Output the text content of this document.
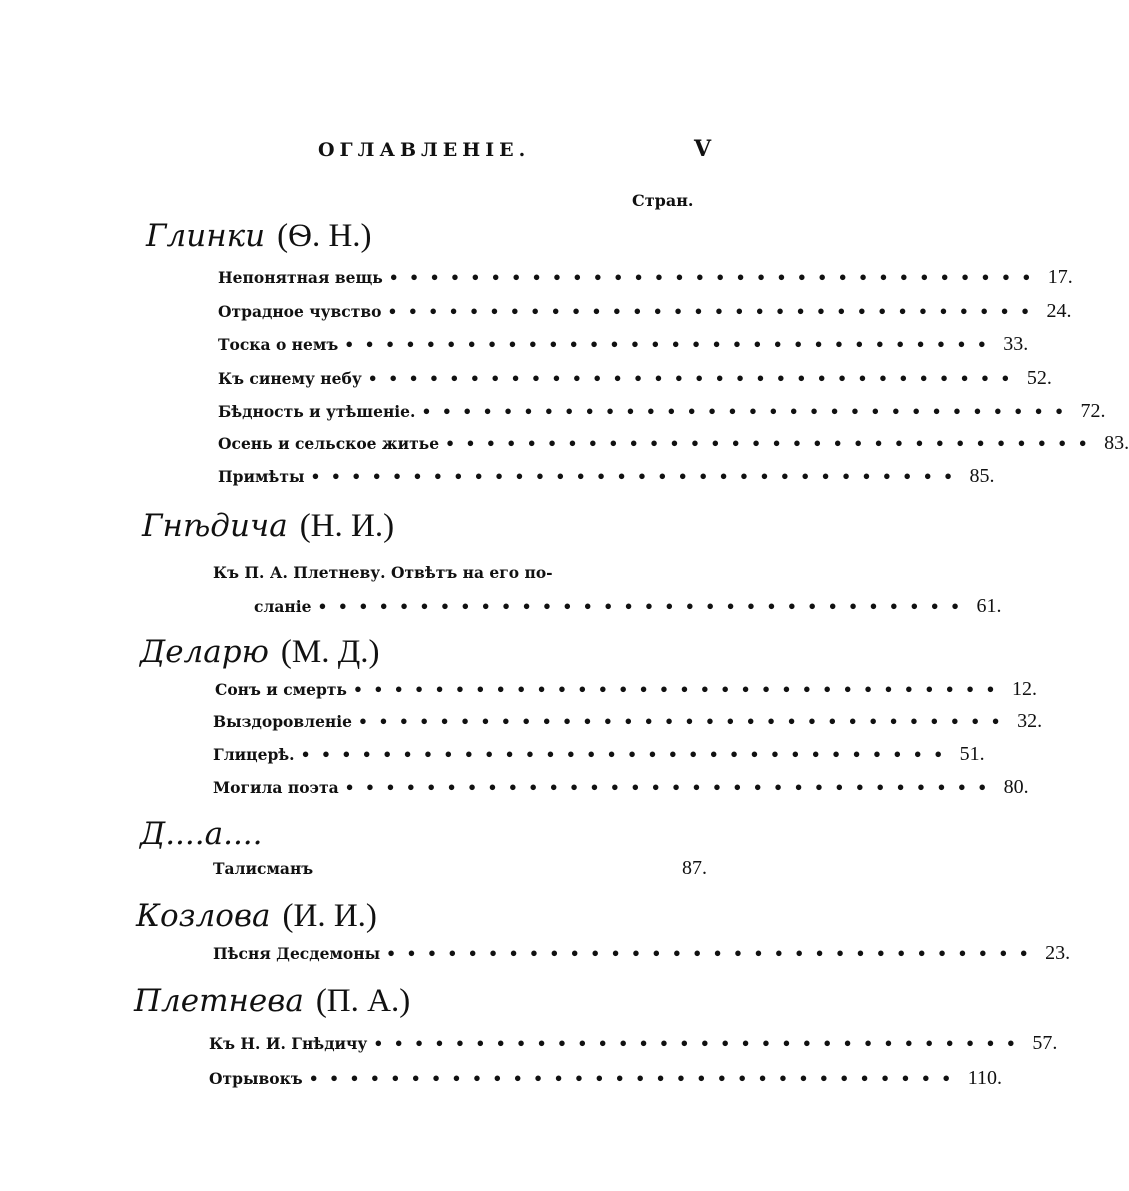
ОГЛАВЛЕНІЕ.	V
Стран.
Глинки (Ѳ. Н.)
Непонятная вещь •••••••••••••••••••••••••••••••• 17.
Отрадное чувство •••••••••••••••••••••••••••••••• 24.
Тоска о немъ •••••••••••••••••••••••••••••••• 33.
Къ синему небу •••••••••••••••••••••••••••••••• 52.
Бѣдность и утѣшеніе. •••••••••••••••••••••••••••••••• 72.
Осень и сельское житье •••••••••••••••••••••••••••••••• 83.
Примѣты •••••••••••••••••••••••••••••••• 85.
Гнѣдича (Н. И.)
Къ П. А. Плетневу. Отвѣтъ на его по-
сланіе •••••••••••••••••••••••••••••••• 61.
Деларю (М. Д.)
Сонъ и смерть •••••••••••••••••••••••••••••••• 12.
Выздоровленіе •••••••••••••••••••••••••••••••• 32.
Глицерѣ. •••••••••••••••••••••••••••••••• 51.
Могила поэта •••••••••••••••••••••••••••••••• 80.
Д....а....
Талисманъ	87.
Козлова (И. И.)
Пѣсня Десдемоны •••••••••••••••••••••••••••••••• 23.
Плетнева (П. А.)
Къ Н. И. Гнѣдичу •••••••••••••••••••••••••••••••• 57.
Отрывокъ •••••••••••••••••••••••••••••••• 110.
